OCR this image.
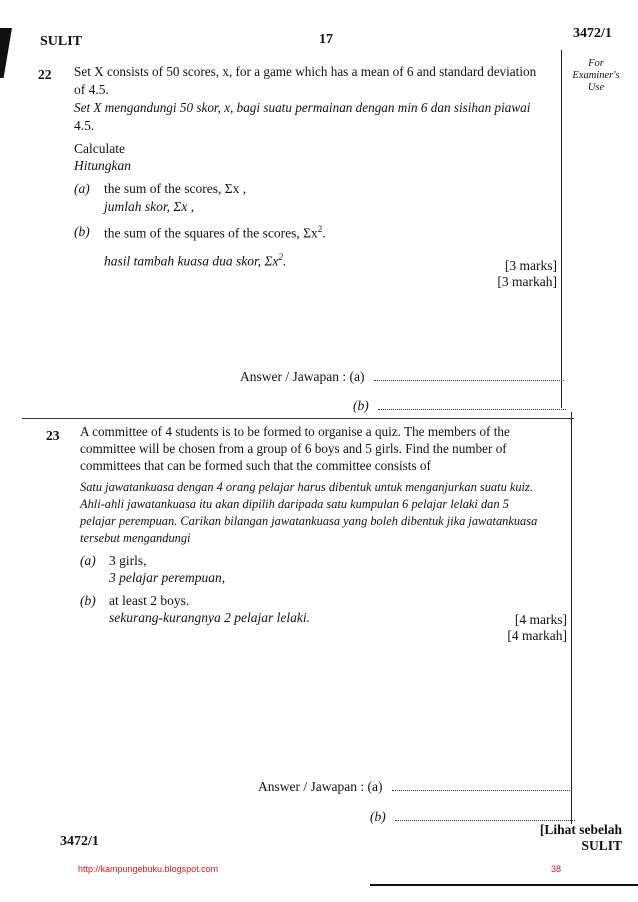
SULIT	17	3472/1
For
Examiner's
Use
22 Set X consists of 50 scores, x, for a game which has a mean of 6 and standard deviation
of 4.5.
Set X mengandungi 50 skor, x, bagi suatu permainan dengan min 6 dan sisihan piawai
4.5.
Calculate
Hitungkan
(a) the sum of the scores, Σx ,
jumlah skor, Σx ,
(b) the sum of the squares of the scores, $\Sigma x^2$.
hasil tambah kuasa dua skor, $\Sigma x^2$.	[3 marks]
[3 markah]
Answer / Jawapan : (a)
(b)
23 A committee of 4 students is to be formed to organise a quiz. The members of the
committee will be chosen from a group of 6 boys and 5 girls. Find the number of
committees that can be formed such that the committee consists of
Satu jawatankuasa dengan 4 orang pelajar harus dibentuk untuk menganjurkan suatu kuiz.
Ahli-ahli jawatankuasa itu akan dipilih daripada satu kumpulan 6 pelajar lelaki dan 5
pelajar perempuan. Carikan bilangan jawatankuasa yang boleh dibentuk jika jawatankuasa
tersebut mengandungi
(a) 3 girls,
3 pelajar perempuan,
(b) at least 2 boys.
sekurang-kurangnya 2 pelajar lelaki.	[4 marks]
[4 markah]
Answer / Jawapan : (a)
(b)
3472/1
[Lihat sebelah
SULIT
http://kampungebuku.blogspot.com	38
